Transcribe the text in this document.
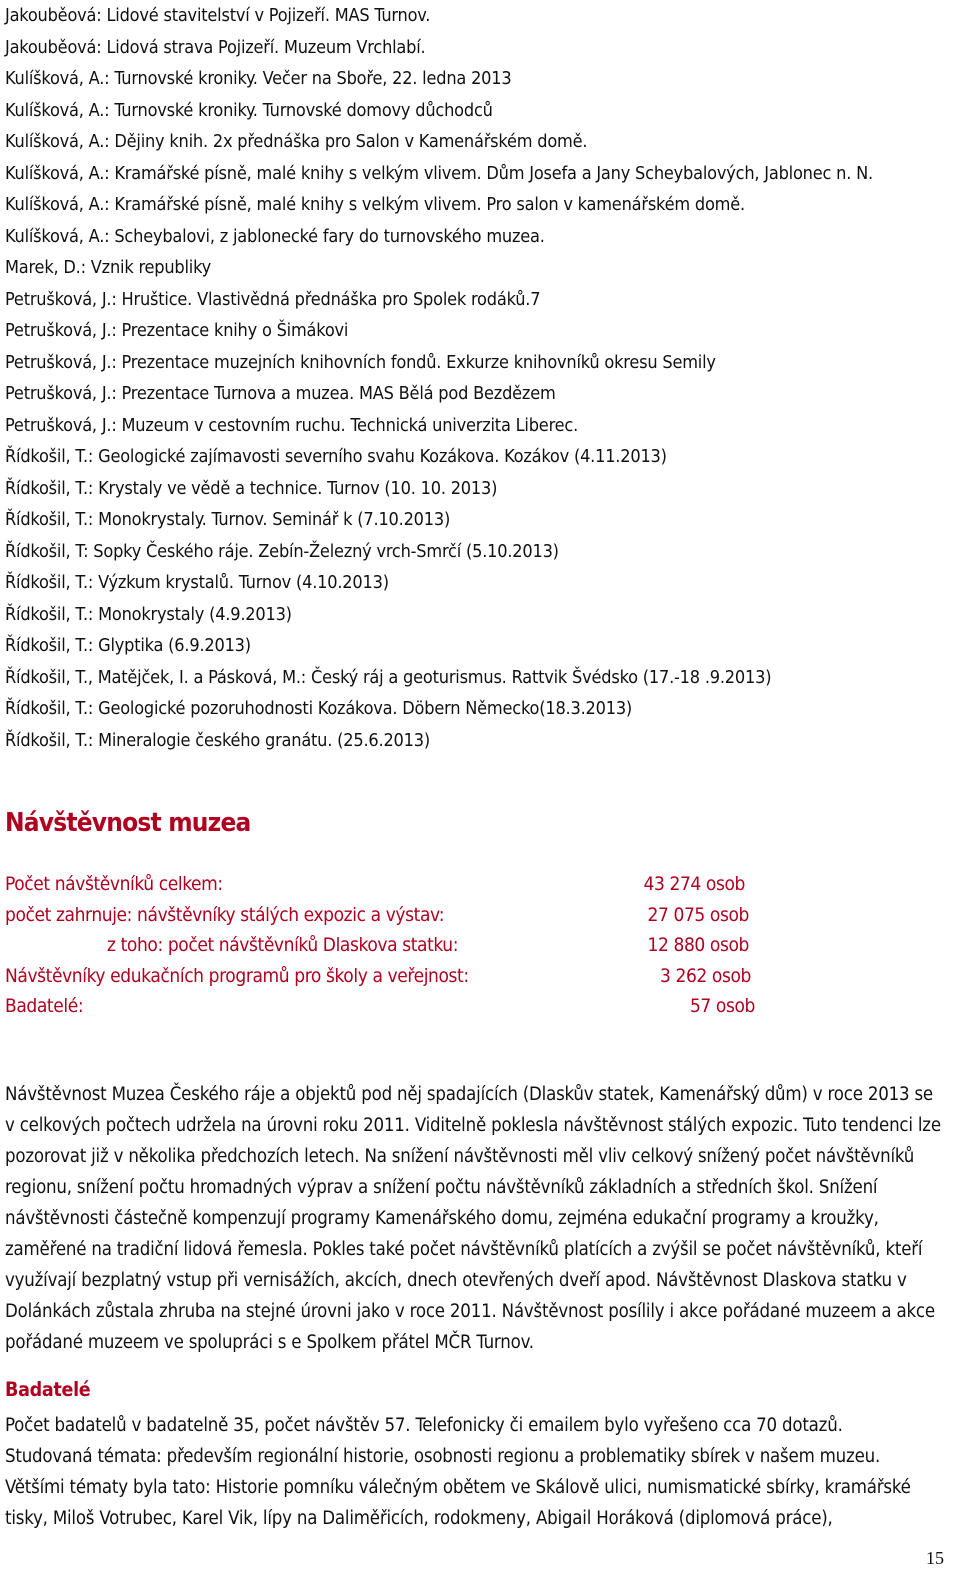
Jakouběová: Lidové stavitelství v Pojizeří. MAS Turnov.
Jakouběová: Lidová strava Pojizeří. Muzeum Vrchlabí.
Kulíšková, A.: Turnovské kroniky. Večer na Sboře, 22. ledna 2013
Kulíšková, A.: Turnovské kroniky. Turnovské domovy důchodců
Kulíšková, A.: Dějiny knih. 2x přednáška pro Salon v Kamenářském domě.
Kulíšková, A.: Kramářské písně, malé knihy s velkým vlivem. Dům Josefa a Jany Scheybalových, Jablonec n. N.
Kulíšková, A.: Kramářské písně, malé knihy s velkým vlivem. Pro salon v kamenářském domě.
Kulíšková, A.: Scheybalovi, z jablonecké fary do turnovského muzea.
Marek, D.: Vznik republiky
Petrušková, J.: Hruštice. Vlastivědná přednáška pro Spolek rodáků.7
Petrušková, J.: Prezentace knihy o Šimákovi
Petrušková, J.: Prezentace muzejních knihovních fondů. Exkurze knihovníků okresu Semily
Petrušková, J.: Prezentace Turnova a muzea. MAS Bělá pod Bezdězem
Petrušková, J.: Muzeum v cestovním ruchu. Technická univerzita Liberec.
Řídkošil, T.: Geologické zajímavosti severního svahu Kozákova. Kozákov (4.11.2013)
Řídkošil, T.: Krystaly ve vědě a technice. Turnov (10. 10. 2013)
Řídkošil, T.: Monokrystaly. Turnov. Seminář k (7.10.2013)
Řídkošil, T: Sopky Českého ráje. Zebín-Železný vrch-Smrčí (5.10.2013)
Řídkošil, T.: Výzkum krystalů. Turnov (4.10.2013)
Řídkošil, T.: Monokrystaly (4.9.2013)
Řídkošil, T.: Glyptika (6.9.2013)
Řídkošil, T., Matějček, I. a Pásková, M.: Český ráj a geoturismus. Rattvik Švédsko (17.-18 .9.2013)
Řídkošil, T.: Geologické pozoruhodnosti Kozákova. Döbern Německo(18.3.2013)
Řídkošil, T.: Mineralogie českého granátu. (25.6.2013)
Návštěvnost muzea
Počet návštěvníků celkem:	43 274 osob
počet zahrnuje: návštěvníky stálých expozic a výstav:	27 075 osob
z toho: počet návštěvníků Dlaskova statku:	12 880 osob
Návštěvníky edukačních programů pro školy a veřejnost:	3 262 osob
Badatelé:	57 osob
Návštěvnost Muzea Českého ráje a objektů pod něj spadajících (Dlaskův statek, Kamenářský dům) v roce 2013 se v celkových počtech udržela na úrovni roku 2011. Viditelně poklesla návštěvnost stálých expozic. Tuto tendenci lze pozorovat již v několika předchozích letech. Na snížení návštěvnosti měl vliv celkový snížený počet návštěvníků regionu, snížení počtu hromadných výprav a snížení počtu návštěvníků základních a středních škol. Snížení návštěvnosti částečně kompenzují programy Kamenářského domu, zejména edukační programy a kroužky, zaměřené na tradiční lidová řemesla. Pokles také počet návštěvníků platících a zvýšil se počet návštěvníků, kteří využívají bezplatný vstup při vernisážích, akcích, dnech otevřených dveří apod. Návštěvnost Dlaskova statku v Dolánkách zůstala zhruba na stejné úrovni jako v roce 2011. Návštěvnost posílily i akce pořádané muzeem a akce pořádané muzeem ve spolupráci s e Spolkem přátel MČR Turnov.
Badatelé
Počet badatelů v badatelně 35, počet návštěv 57. Telefonicky či emailem bylo vyřešeno cca 70 dotazů.
Studovaná témata: především regionální historie, osobnosti regionu a problematiky sbírek v našem muzeu.
Většími tématy byla tato: Historie pomníku válečným obětem ve Skálově ulici, numismatické sbírky, kramářské tisky, Miloš Votrubec, Karel Vik, lípy na Daliměřicích, rodokmeny, Abigail Horáková (diplomová práce),
15
